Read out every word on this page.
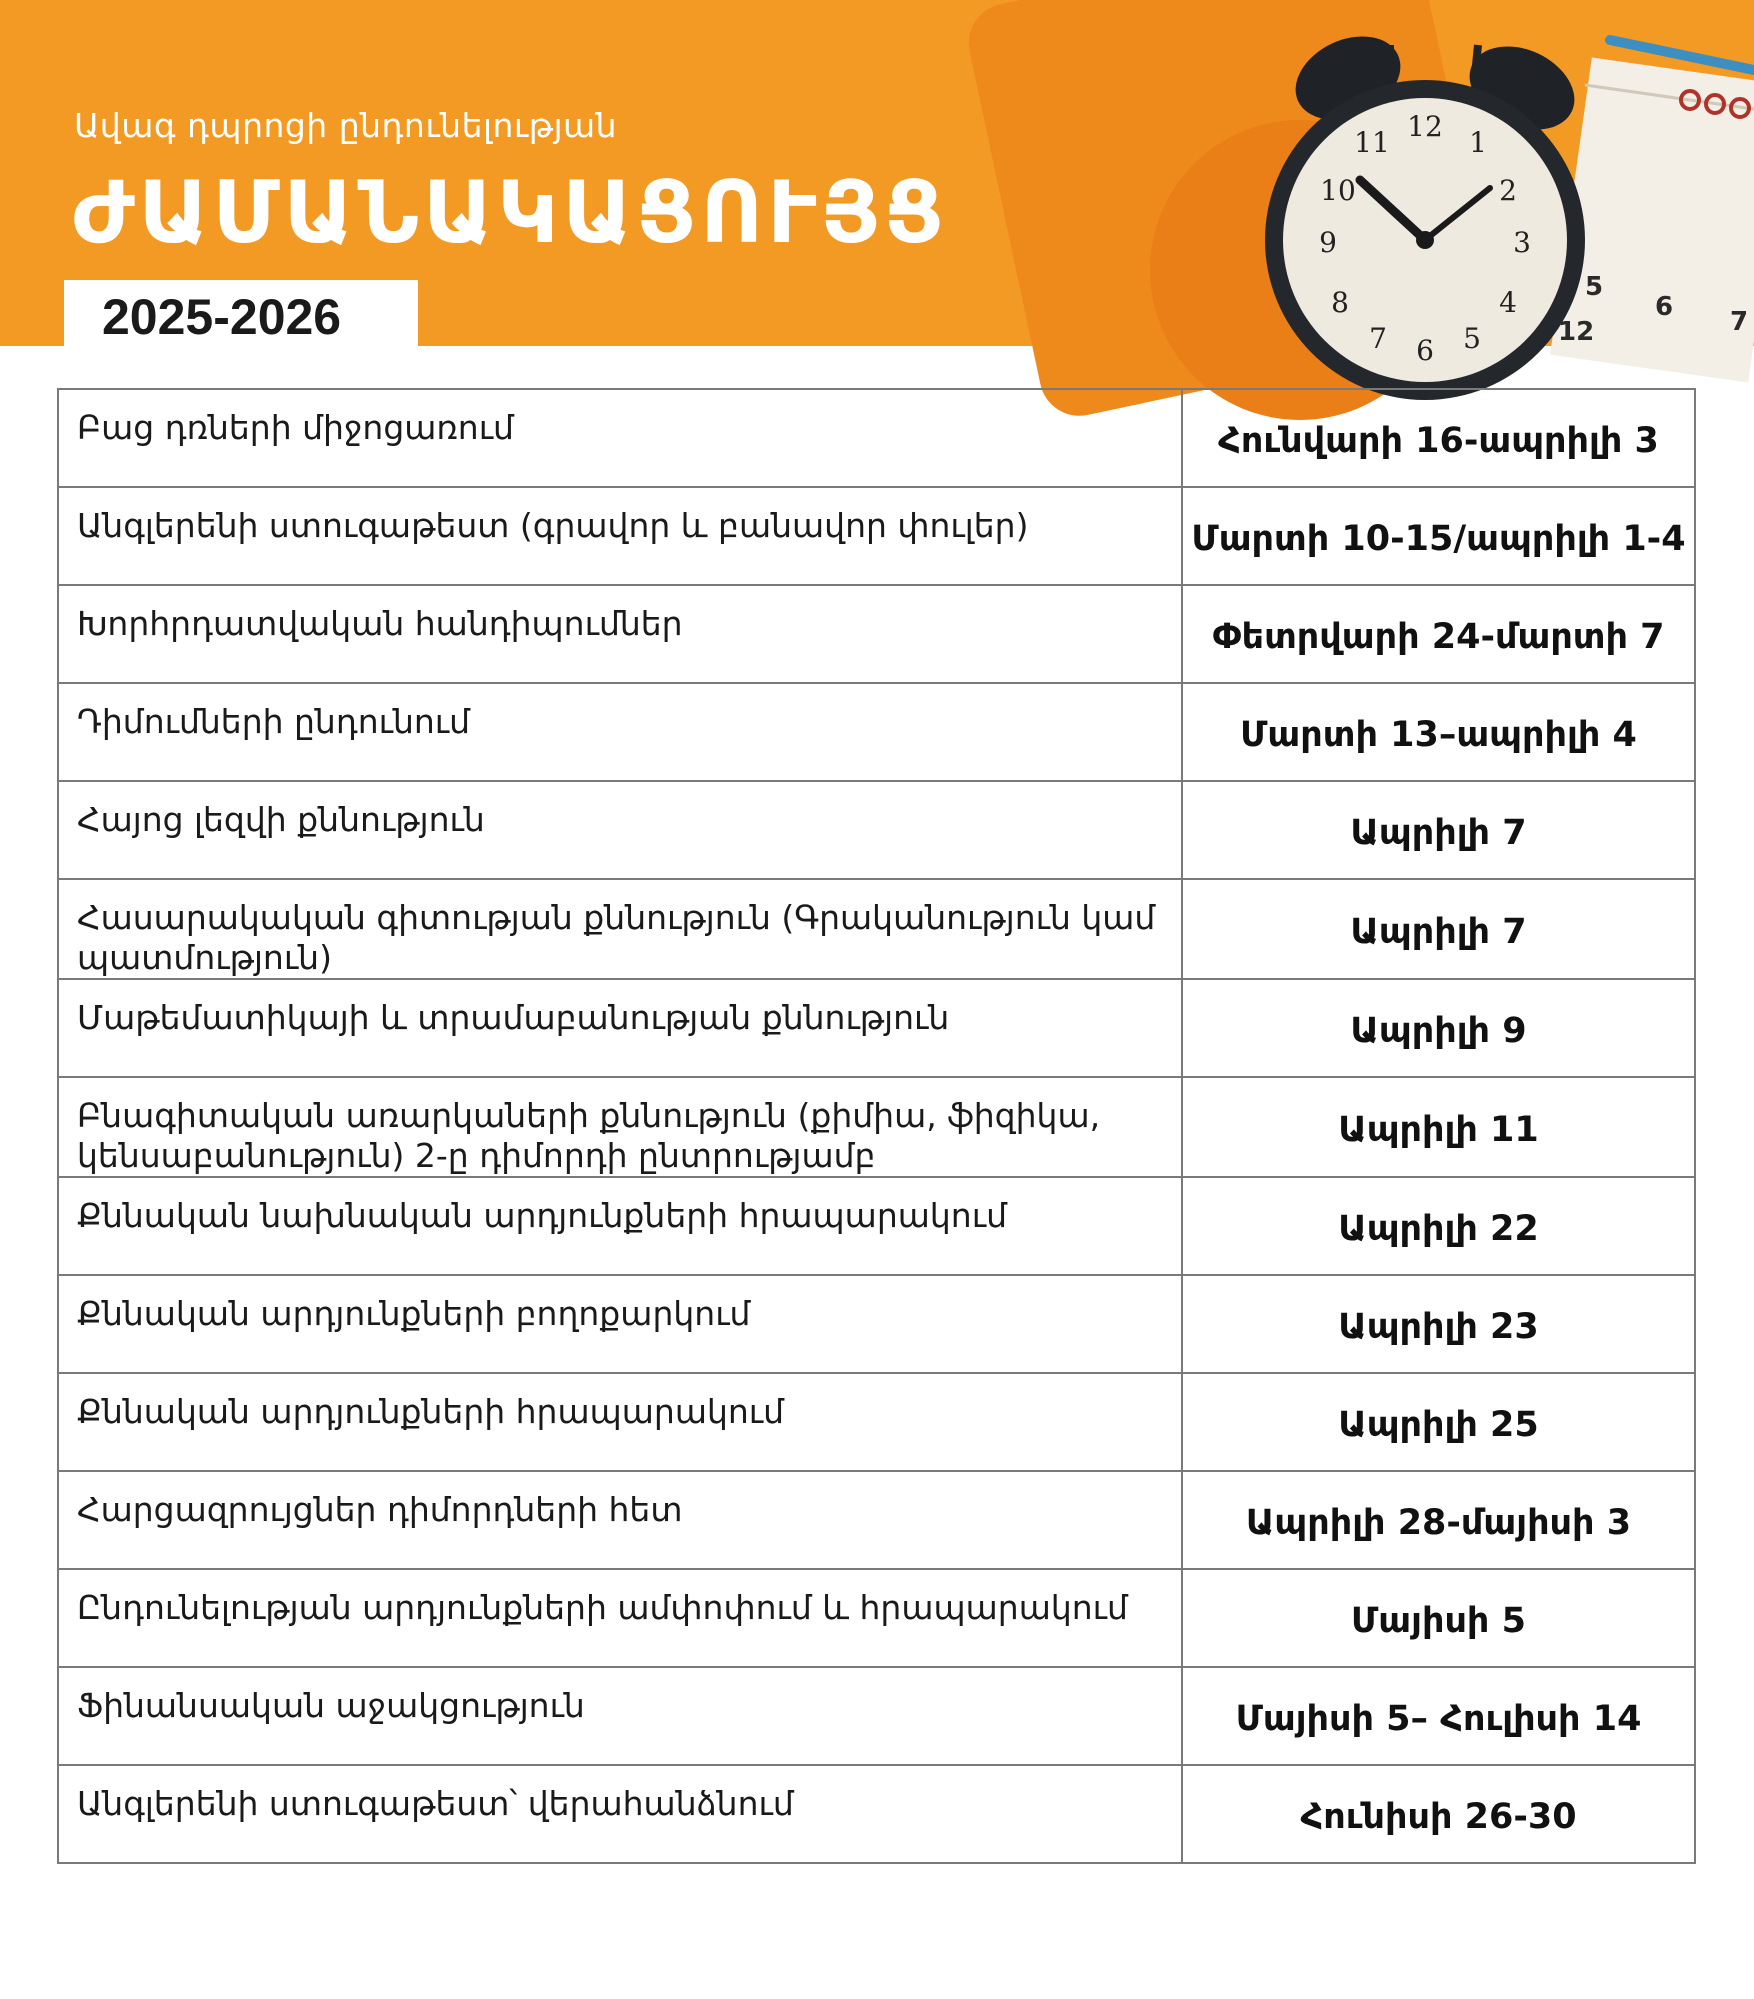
Ավագ դպրոցի ընդունելության
ԺԱՄԱՆԱԿԱՑՈՒՅՑ
5
6 7
12
12 1
2
3
4
5
6
7
8
9
10
11
2025-2026
Բաց դռների միջոցառում	Հունվարի 16-ապրիլի 3
Անգլերենի ստուգաթեստ (գրավոր և բանավոր փուլեր)	Մարտի 10-15/ապրիլի 1-4
Խորհրդատվական հանդիպումներ	Փետրվարի 24-մարտի 7
Դիմումների ընդունում	Մարտի 13–ապրիլի 4
Հայոց լեզվի քննություն	Ապրիլի 7
Հասարակական գիտության քննություն (Գրականություն կամ պատմություն)	Ապրիլի 7
Մաթեմատիկայի և տրամաբանության քննություն	Ապրիլի 9
Բնագիտական առարկաների քննություն (քիմիա, ֆիզիկա, կենսաբանություն) 2-ը դիմորդի ընտրությամբ	Ապրիլի 11
Քննական նախնական արդյունքների հրապարակում	Ապրիլի 22
Քննական արդյունքների բողոքարկում	Ապրիլի 23
Քննական արդյունքների հրապարակում	Ապրիլի 25
Հարցազրույցներ դիմորդների հետ	Ապրիլի 28-մայիսի 3
Ընդունելության արդյունքների ամփոփում և հրապարակում	Մայիսի 5
Ֆինանսական աջակցություն	Մայիսի 5– Հուլիսի 14
Անգլերենի ստուգաթեստ՝ վերահանձնում	Հունիսի 26-30
